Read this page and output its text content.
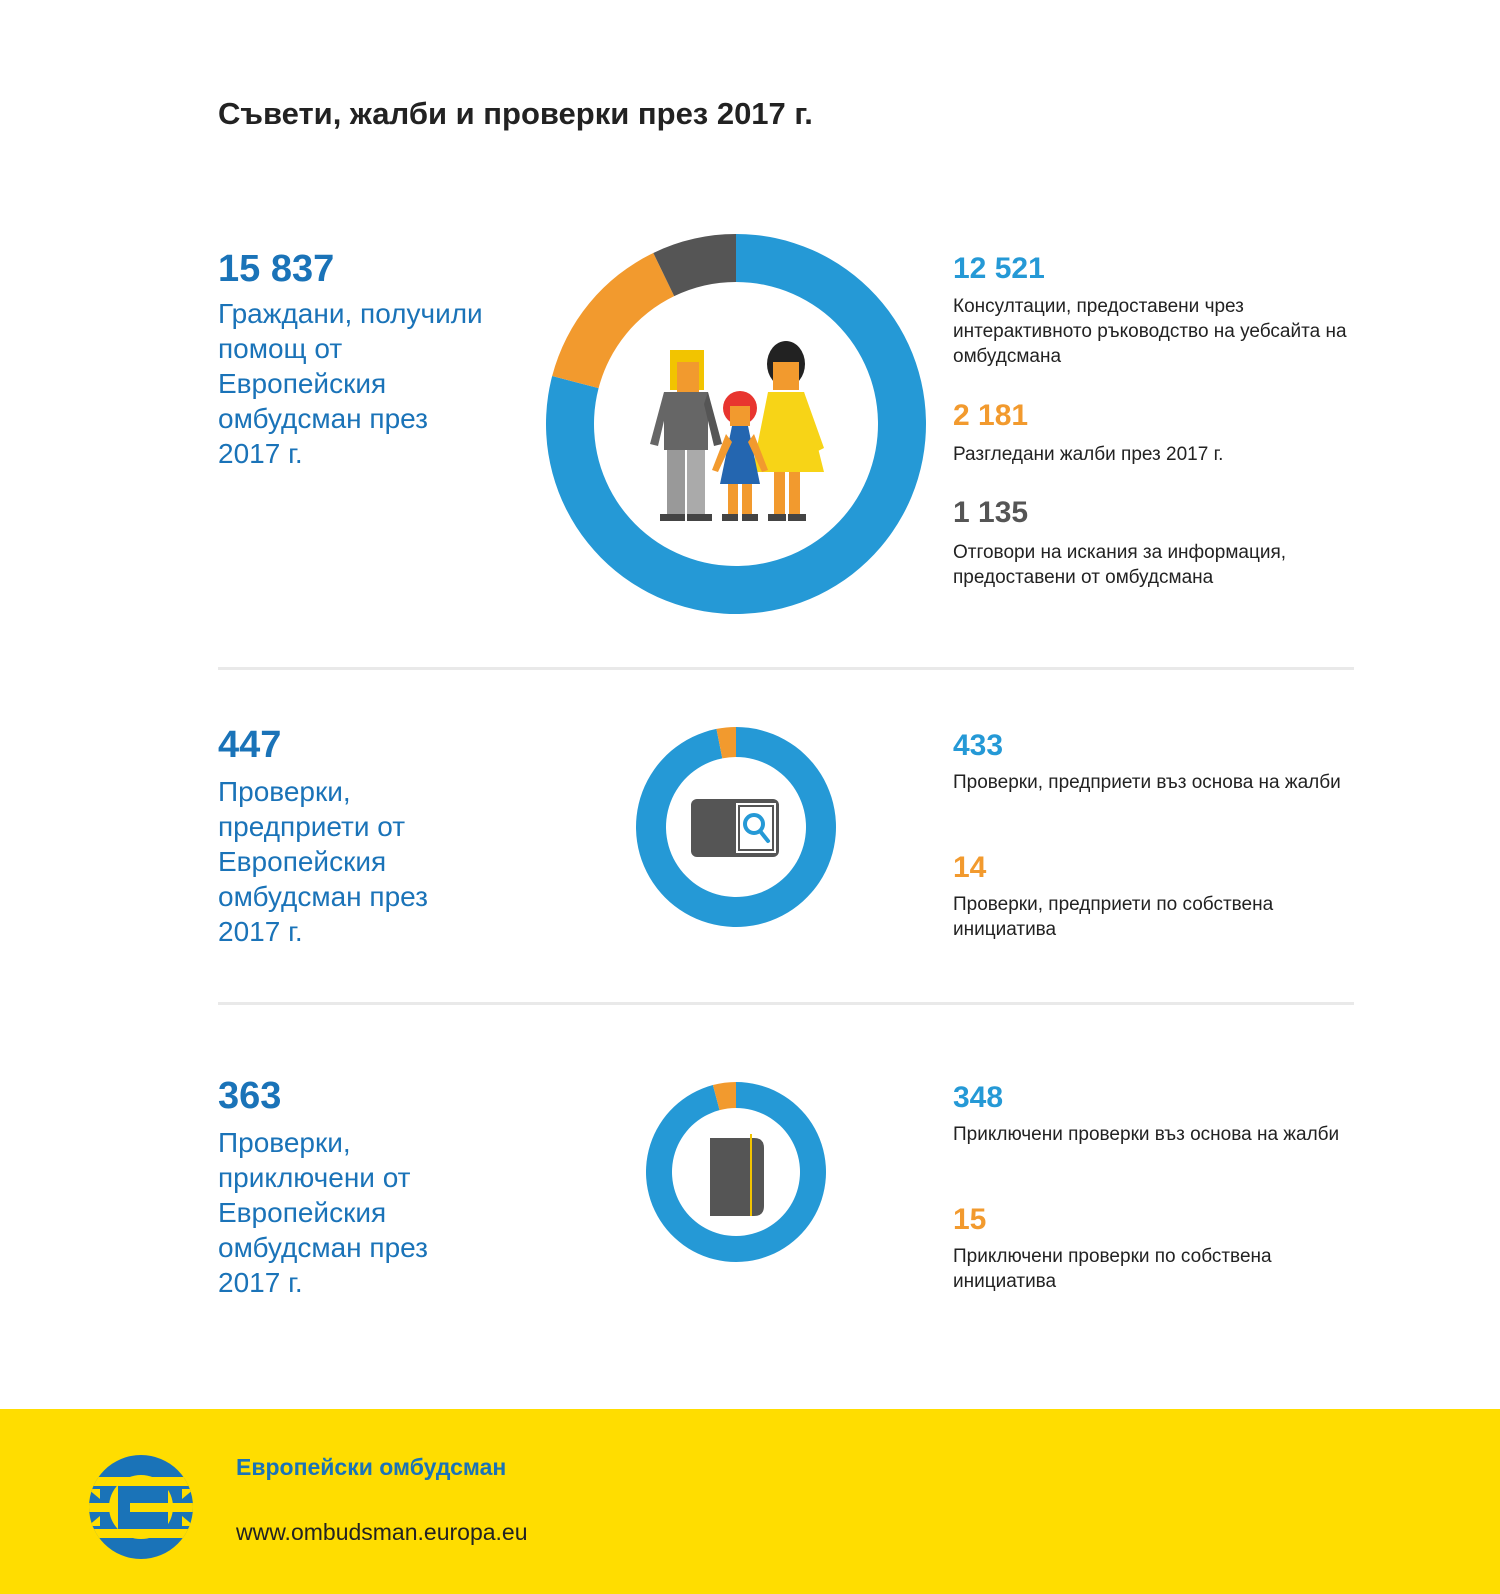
Съвети, жалби и проверки през 2017 г.
15 837
Граждани, получили помощ от Европейския омбудсман през 2017 г.
12 521
Консултации, предоставени чрез интерактивното ръководство на уебсайта на омбудсмана
2 181
Разгледани жалби през 2017 г.
1 135
Отговори на искания за информация, предоставени от омбудсмана
447
Проверки, предприети от Европейския омбудсман през 2017 г.
433
Проверки, предприети въз основа на жалби
14
Проверки, предприети по собствена инициатива
363
Проверки, приключени от Европейския омбудсман през 2017 г.
348
Приключени проверки въз основа на жалби
15
Приключени проверки по собствена инициатива
Европейски омбудсман
www.ombudsman.europa.eu
